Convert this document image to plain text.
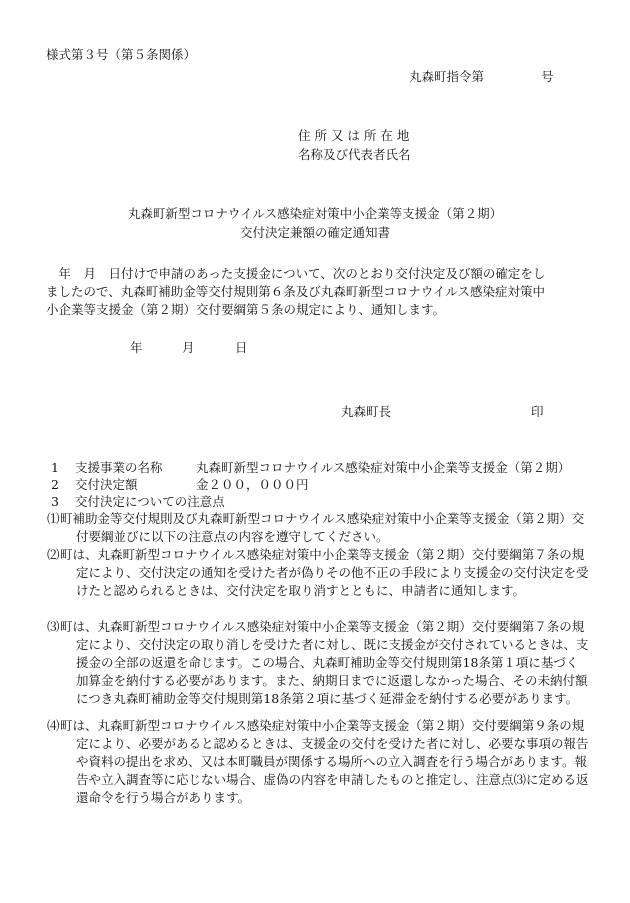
様式第３号（第５条関係）
丸森町指令第	号
住 所 又 は 所 在 地
名称及び代表者氏名
丸森町新型コロナウイルス感染症対策中小企業等支援金（第２期）
交付決定兼額の確定通知書
　年　月　日付けで申請のあった支援金について、次のとおり交付決定及び額の確定をし
ましたので、丸森町補助金等交付規則第６条及び丸森町新型コロナウイルス感染症対策中
小企業等支援金（第２期）交付要綱第５条の規定により、通知します。
年	月	日
丸森町長	印
1 支援事業の名称	丸森町新型コロナウイルス感染症対策中小企業等支援金（第２期）
2 交付決定額	金２００，０００円
3 交付決定についての注意点
⑴ 町補助金等交付規則及び丸森町新型コロナウイルス感染症対策中小企業等支援金（第２期）交付要綱並びに以下の注意点の内容を遵守してください。
⑵ 町は、丸森町新型コロナウイルス感染症対策中小企業等支援金（第２期）交付要綱第７条の規定により、交付決定の通知を受けた者が偽りその他不正の手段により支援金の交付決定を受けたと認められるときは、交付決定を取り消すとともに、申請者に通知します。
⑶ 町は、丸森町新型コロナウイルス感染症対策中小企業等支援金（第２期）交付要綱第７条の規定により、交付決定の取り消しを受けた者に対し、既に支援金が交付されているときは、支援金の全部の返還を命じます。この場合、丸森町補助金等交付規則第18条第１項に基づく加算金を納付する必要があります。また、納期日までに返還しなかった場合、その未納付額につき丸森町補助金等交付規則第18条第２項に基づく延滞金を納付する必要があります。
⑷ 町は、丸森町新型コロナウイルス感染症対策中小企業等支援金（第２期）交付要綱第９条の規定により、必要があると認めるときは、支援金の交付を受けた者に対し、必要な事項の報告や資料の提出を求め、又は本町職員が関係する場所への立入調査を行う場合があります。報告や立入調査等に応じない場合、虚偽の内容を申請したものと推定し、注意点⑶に定める返還命令を行う場合があります。
